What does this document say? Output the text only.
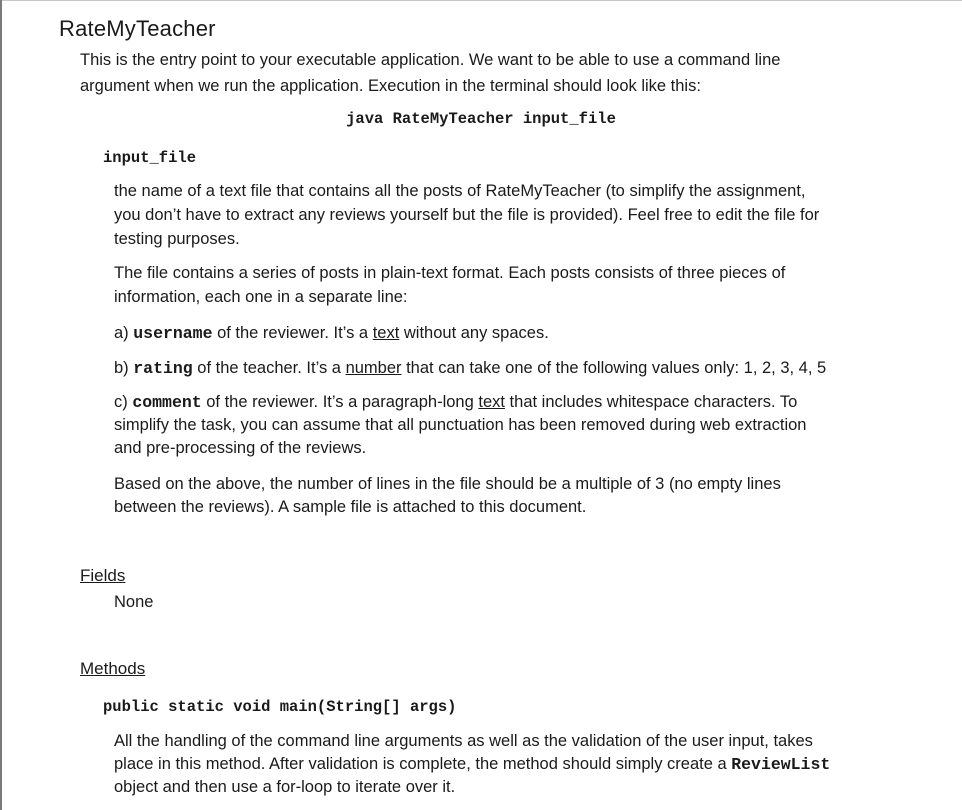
RateMyTeacher
This is the entry point to your executable application. We want to be able to use a command line
argument when we run the application. Execution in the terminal should look like this:
java RateMyTeacher input_file
input_file
the name of a text file that contains all the posts of RateMyTeacher (to simplify the assignment,
you don’t have to extract any reviews yourself but the file is provided). Feel free to edit the file for
testing purposes.
The file contains a series of posts in plain-text format. Each posts consists of three pieces of
information, each one in a separate line:
a) username of the reviewer. It’s a text without any spaces.
b) rating of the teacher. It’s a number that can take one of the following values only: 1, 2, 3, 4, 5
c) comment of the reviewer. It’s a paragraph-long text that includes whitespace characters. To
simplify the task, you can assume that all punctuation has been removed during web extraction
and pre-processing of the reviews.
Based on the above, the number of lines in the file should be a multiple of 3 (no empty lines
between the reviews). A sample file is attached to this document.
Fields
None
Methods
public static void main(String[] args)
All the handling of the command line arguments as well as the validation of the user input, takes
place in this method. After validation is complete, the method should simply create a ReviewList
object and then use a for-loop to iterate over it.
